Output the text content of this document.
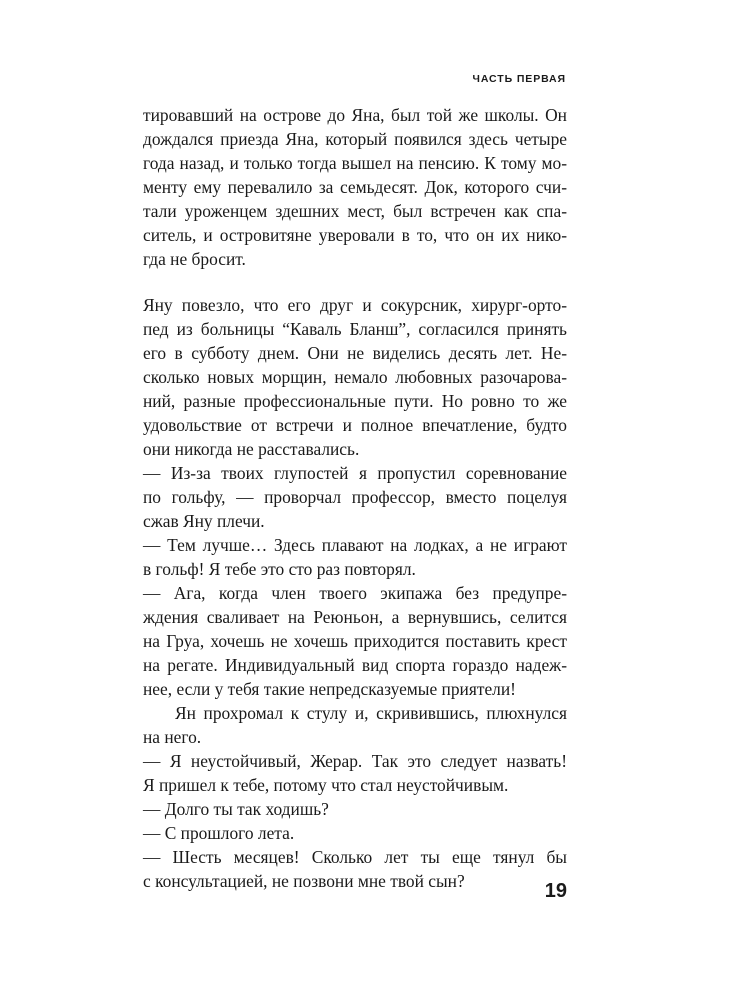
ЧАСТЬ ПЕРВАЯ
тировавший на острове до Яна, был той же школы. Он
дождался приезда Яна, который появился здесь четыре
года назад, и только тогда вышел на пенсию. К тому мо-
менту ему перевалило за семьдесят. Док, которого счи-
тали уроженцем здешних мест, был встречен как спа-
ситель, и островитяне уверовали в то, что он их нико-
гда не бросит.
Яну повезло, что его друг и сокурсник, хирург-орто-
пед из больницы “Каваль Бланш”, согласился принять
его в субботу днем. Они не виделись десять лет. Не-
сколько новых морщин, немало любовных разочарова-
ний, разные профессиональные пути. Но ровно то же
удовольствие от встречи и полное впечатление, будто
они никогда не расставались.
— Из-за твоих глупостей я пропустил соревнование
по гольфу, — проворчал профессор, вместо поцелуя
сжав Яну плечи.
— Тем лучше… Здесь плавают на лодках, а не играют
в гольф! Я тебе это сто раз повторял.
— Ага, когда член твоего экипажа без предупре-
ждения сваливает на Реюньон, а вернувшись, селится
на Груа, хочешь не хочешь приходится поставить крест
на регате. Индивидуальный вид спорта гораздо надеж-
нее, если у тебя такие непредсказуемые приятели!
Ян прохромал к стулу и, скривившись, плюхнулся
на него.
— Я неустойчивый, Жерар. Так это следует назвать!
Я пришел к тебе, потому что стал неустойчивым.
— Долго ты так ходишь?
— С прошлого лета.
— Шесть месяцев! Сколько лет ты еще тянул бы
с консультацией, не позвони мне твой сын?	19
